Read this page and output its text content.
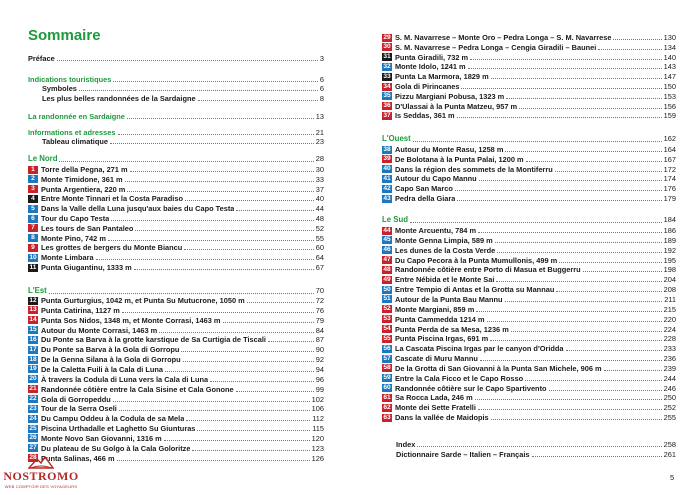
Sommaire
Préface	3
Indications touristiques	6
Symboles	6
Les plus belles randonnées de la Sardaigne	8
La randonnée en Sardaigne	13
Informations et adresses	21
Tableau climatique	23
Le Nord	28
1 Torre della Pegna, 271 m	30
2 Monte Timidone, 361 m	33
3 Punta Argentiera, 220 m	37
4 Entre Monte Tinnari et la Costa Paradiso	40
5 Dans la Valle della Luna jusqu'aux baies du Capo Testa	44
6 Tour du Capo Testa	48
7 Les tours de San Pantaleo	52
8 Monte Pino, 742 m	55
9 Les grottes de bergers du Monte Biancu	60
10 Monte Limbara	64
11 Punta Giugantinu, 1333 m	67
L'Est	70
12 Punta Gurturgius, 1042 m, et Punta Su Mutucrone, 1050 m	72
13 Punta Catirina, 1127 m	76
14 Punta Sos Nidos, 1348 m, et Monte Corrasi, 1463 m	79
15 Autour du Monte Corrasi, 1463 m	84
16 Du Ponte sa Barva à la grotte karstique de Sa Curtigia de Tiscali	87
17 Du Ponte sa Barva à la Gola di Gorropu	90
18 De la Genna Silana à la Gola di Gorropu	92
19 De la Caletta Fuili à la Cala di Luna	94
20 À travers la Codula di Luna vers la Cala di Luna	96
21 Randonnée côtière entre la Cala Sisine et Cala Gonone	99
22 Gola di Gorropeddu	102
23 Tour de la Serra Oseli	106
24 Du Campu Oddeu à la Codula de sa Mela	112
25 Piscina Urthadalle et Laghetto Su Giunturas	115
26 Monte Novo San Giovanni, 1316 m	120
27 Du plateau de Su Golgo à la Cala Goloritze	123
28 Punta Salinas, 466 m	126
29 S. M. Navarrese – Monte Oro – Pedra Longa – S. M. Navarrese	130
30 S. M. Navarrese – Pedra Longa – Cengia Giradili – Baunei	134
31 Punta Giradili, 732 m	140
32 Monte Idolo, 1241 m	143
33 Punta La Marmora, 1829 m	147
34 Gola di Pirincanes	150
35 Pizzu Margiani Pobusa, 1323 m	153
36 D'Ulassai à la Punta Matzeu, 957 m	156
37 Is Seddas, 361 m	159
L'Ouest	162
38 Autour du Monte Rasu, 1258 m	164
39 De Bolotana à la Punta Palai, 1200 m	167
40 Dans la région des sommets de la Montiferru	172
41 Autour du Capo Mannu	174
42 Capo San Marco	176
43 Pedra della Giara	179
Le Sud	184
44 Monte Arcuentu, 784 m	186
45 Monte Genna Limpia, 589 m	189
46 Les dunes de la Costa Verde	192
47 Du Capo Pecora à la Punta Mumullonis, 499 m	195
48 Randonnée côtière entre Porto di Masua et Buggerru	198
49 Entre Nébida et le Monte Sai	204
50 Entre Tempio di Antas et la Grotta su Mannau	208
51 Autour de la Punta Bau Mannu	211
52 Monte Margiani, 859 m	215
53 Punta Cammedda 1214 m	220
54 Punta Perda de sa Mesa, 1236 m	224
55 Punta Piscina Irgas, 691 m	228
56 La Cascata Piscina Irgas par le canyon d'Oridda	233
57 Cascate di Muru Mannu	236
58 De la Grotta di San Giovanni à la Punta San Michele, 906 m	239
59 Entre la Cala Ficco et le Capo Rosso	244
60 Randonnée côtière sur le Capo Spartivento	246
61 Sa Rocca Lada, 246 m	250
62 Monte dei Sette Fratelli	252
63 Dans la vallée de Maidopis	255
Index	258
Dictionnaire Sarde – Italien – Français	261
NOSTROMO
WEB COMPTOIR DES VOYAGEURS
5
